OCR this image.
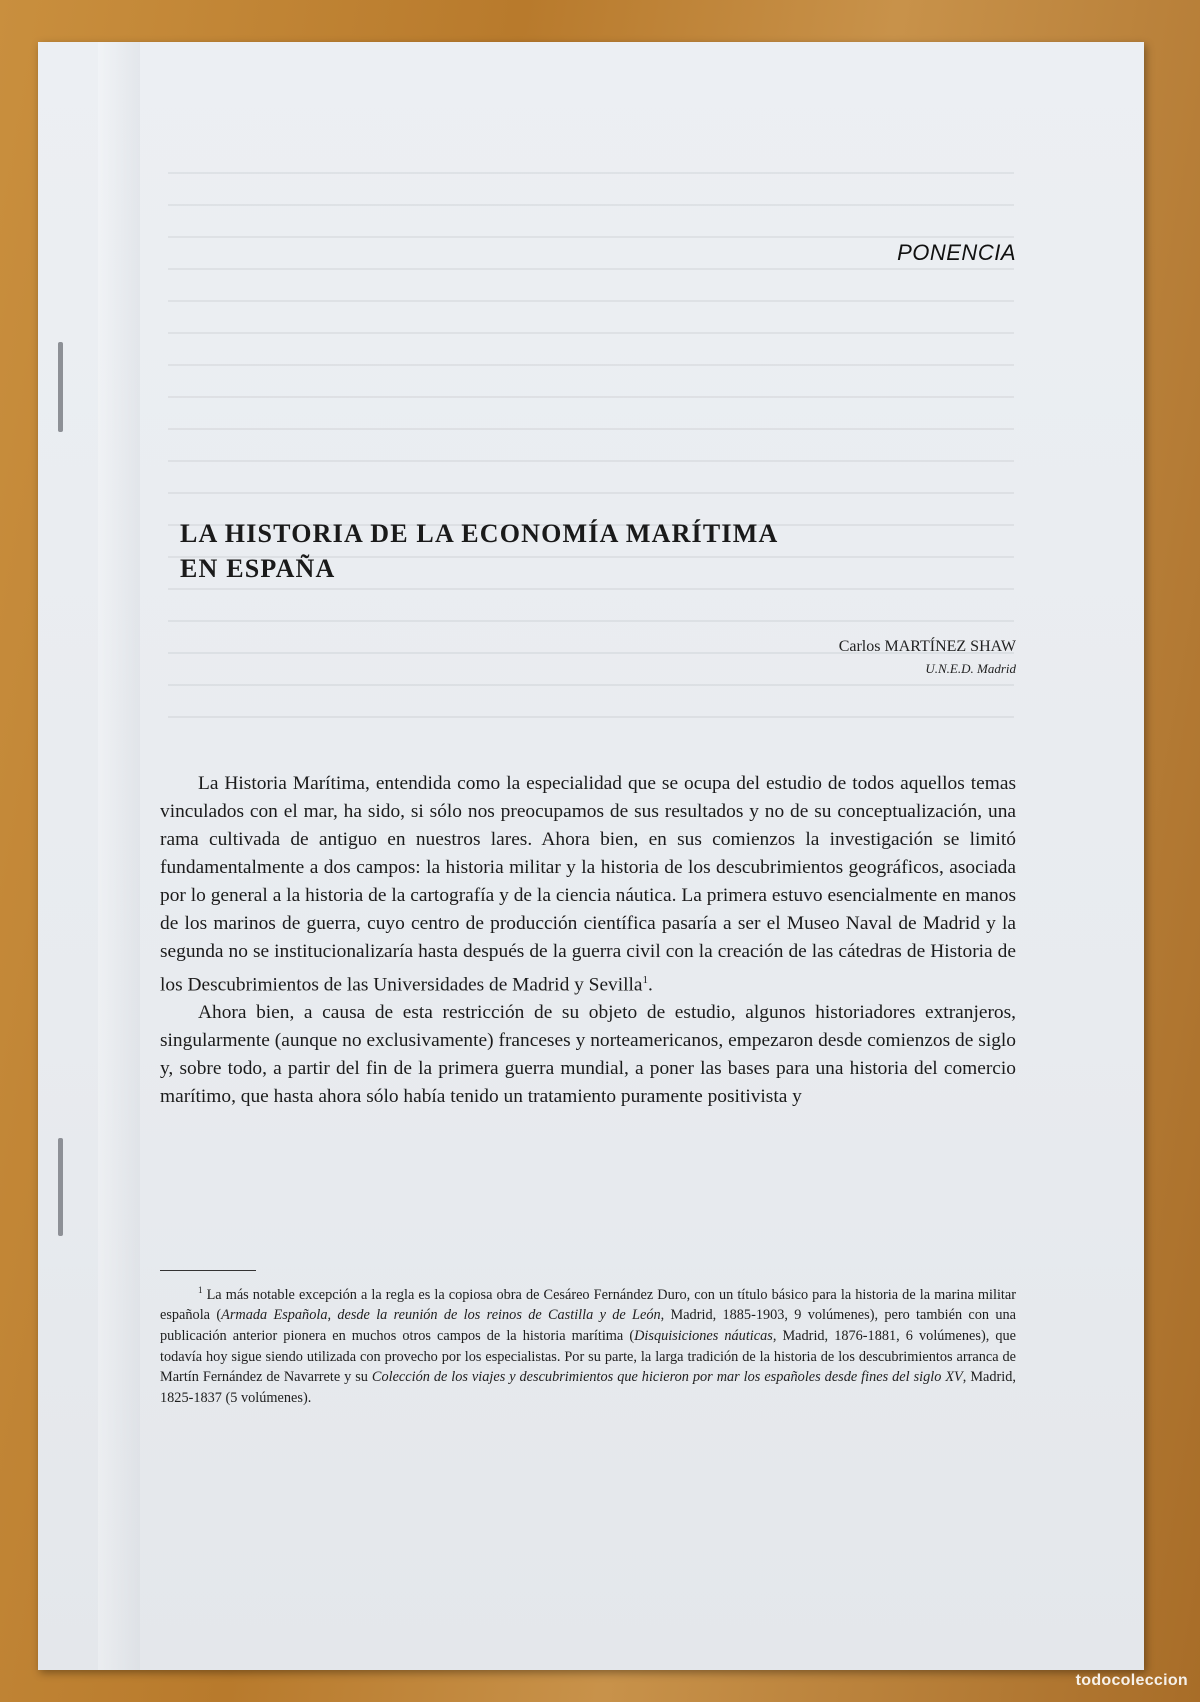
PONENCIA
LA HISTORIA DE LA ECONOMÍA MARÍTIMA
EN ESPAÑA
Carlos MARTÍNEZ SHAW
U.N.E.D. Madrid

La Historia Marítima, entendida como la especialidad que se ocupa del estudio de todos aquellos temas vinculados con el mar, ha sido, si sólo nos preocupamos de sus resultados y no de su conceptualización, una rama cultivada de antiguo en nuestros lares. Ahora bien, en sus comienzos la investigación se limitó fundamentalmente a dos campos: la historia militar y la historia de los descubrimientos geográficos, asociada por lo general a la historia de la cartografía y de la ciencia náutica. La primera estuvo esencialmente en manos de los marinos de guerra, cuyo centro de producción científica pasaría a ser el Museo Naval de Madrid y la segunda no se institucionalizaría hasta después de la guerra civil con la creación de las cátedras de Historia de los Descubrimientos de las Universidades de Madrid y Sevilla$^1$.

Ahora bien, a causa de esta restricción de su objeto de estudio, algunos historiadores extranjeros, singularmente (aunque no exclusivamente) franceses y norteamericanos, empezaron desde comienzos de siglo y, sobre todo, a partir del fin de la primera guerra mundial, a poner las bases para una historia del comercio marítimo, que hasta ahora sólo había tenido un tratamiento puramente positivista y

$^1$ La más notable excepción a la regla es la copiosa obra de Cesáreo Fernández Duro, con un título básico para la historia de la marina militar española (Armada Española, desde la reunión de los reinos de Castilla y de León, Madrid, 1885-1903, 9 volúmenes), pero también con una publicación anterior pionera en muchos otros campos de la historia marítima (Disquisiciones náuticas, Madrid, 1876-1881, 6 volúmenes), que todavía hoy sigue siendo utilizada con provecho por los especialistas. Por su parte, la larga tradición de la historia de los descubrimientos arranca de Martín Fernández de Navarrete y su Colección de los viajes y descubrimientos que hicieron por mar los españoles desde fines del siglo XV, Madrid, 1825-1837 (5 volúmenes).

todocoleccion
